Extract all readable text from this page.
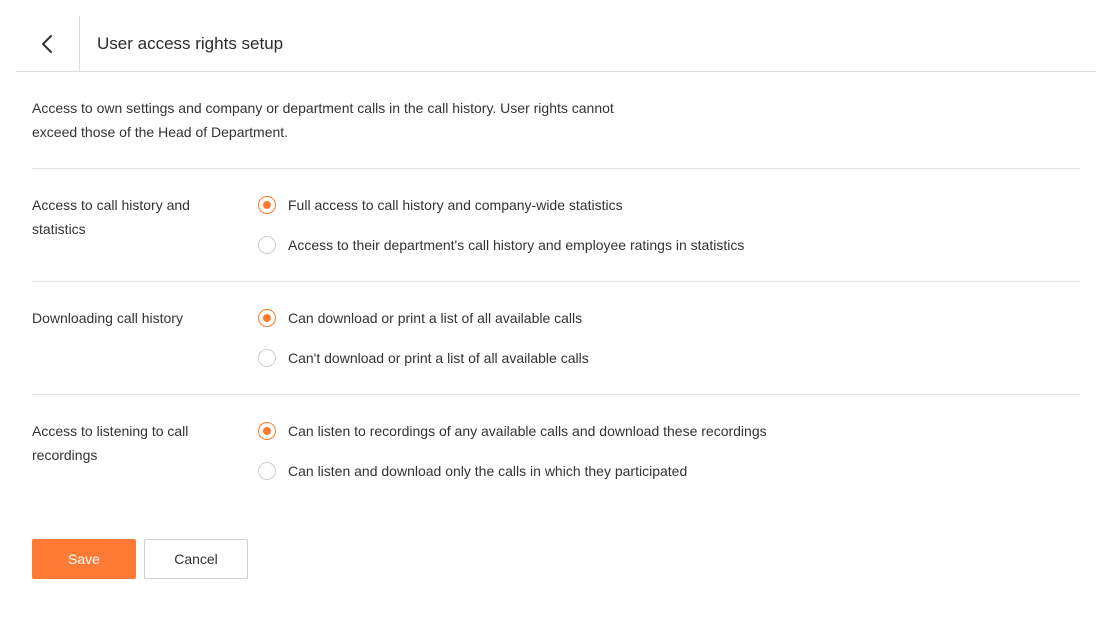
User access rights setup
Access to own settings and company or department calls in the call history. User rights cannot exceed those of the Head of Department.
Access to call history and statistics
Full access to call history and company-wide statistics
Access to their department's call history and employee ratings in statistics
Downloading call history	Can download or print a list of all available calls
Can't download or print a list of all available calls
Access to listening to call recordings
Can listen to recordings of any available calls and download these recordings
Can listen and download only the calls in which they participated
Save	Cancel
